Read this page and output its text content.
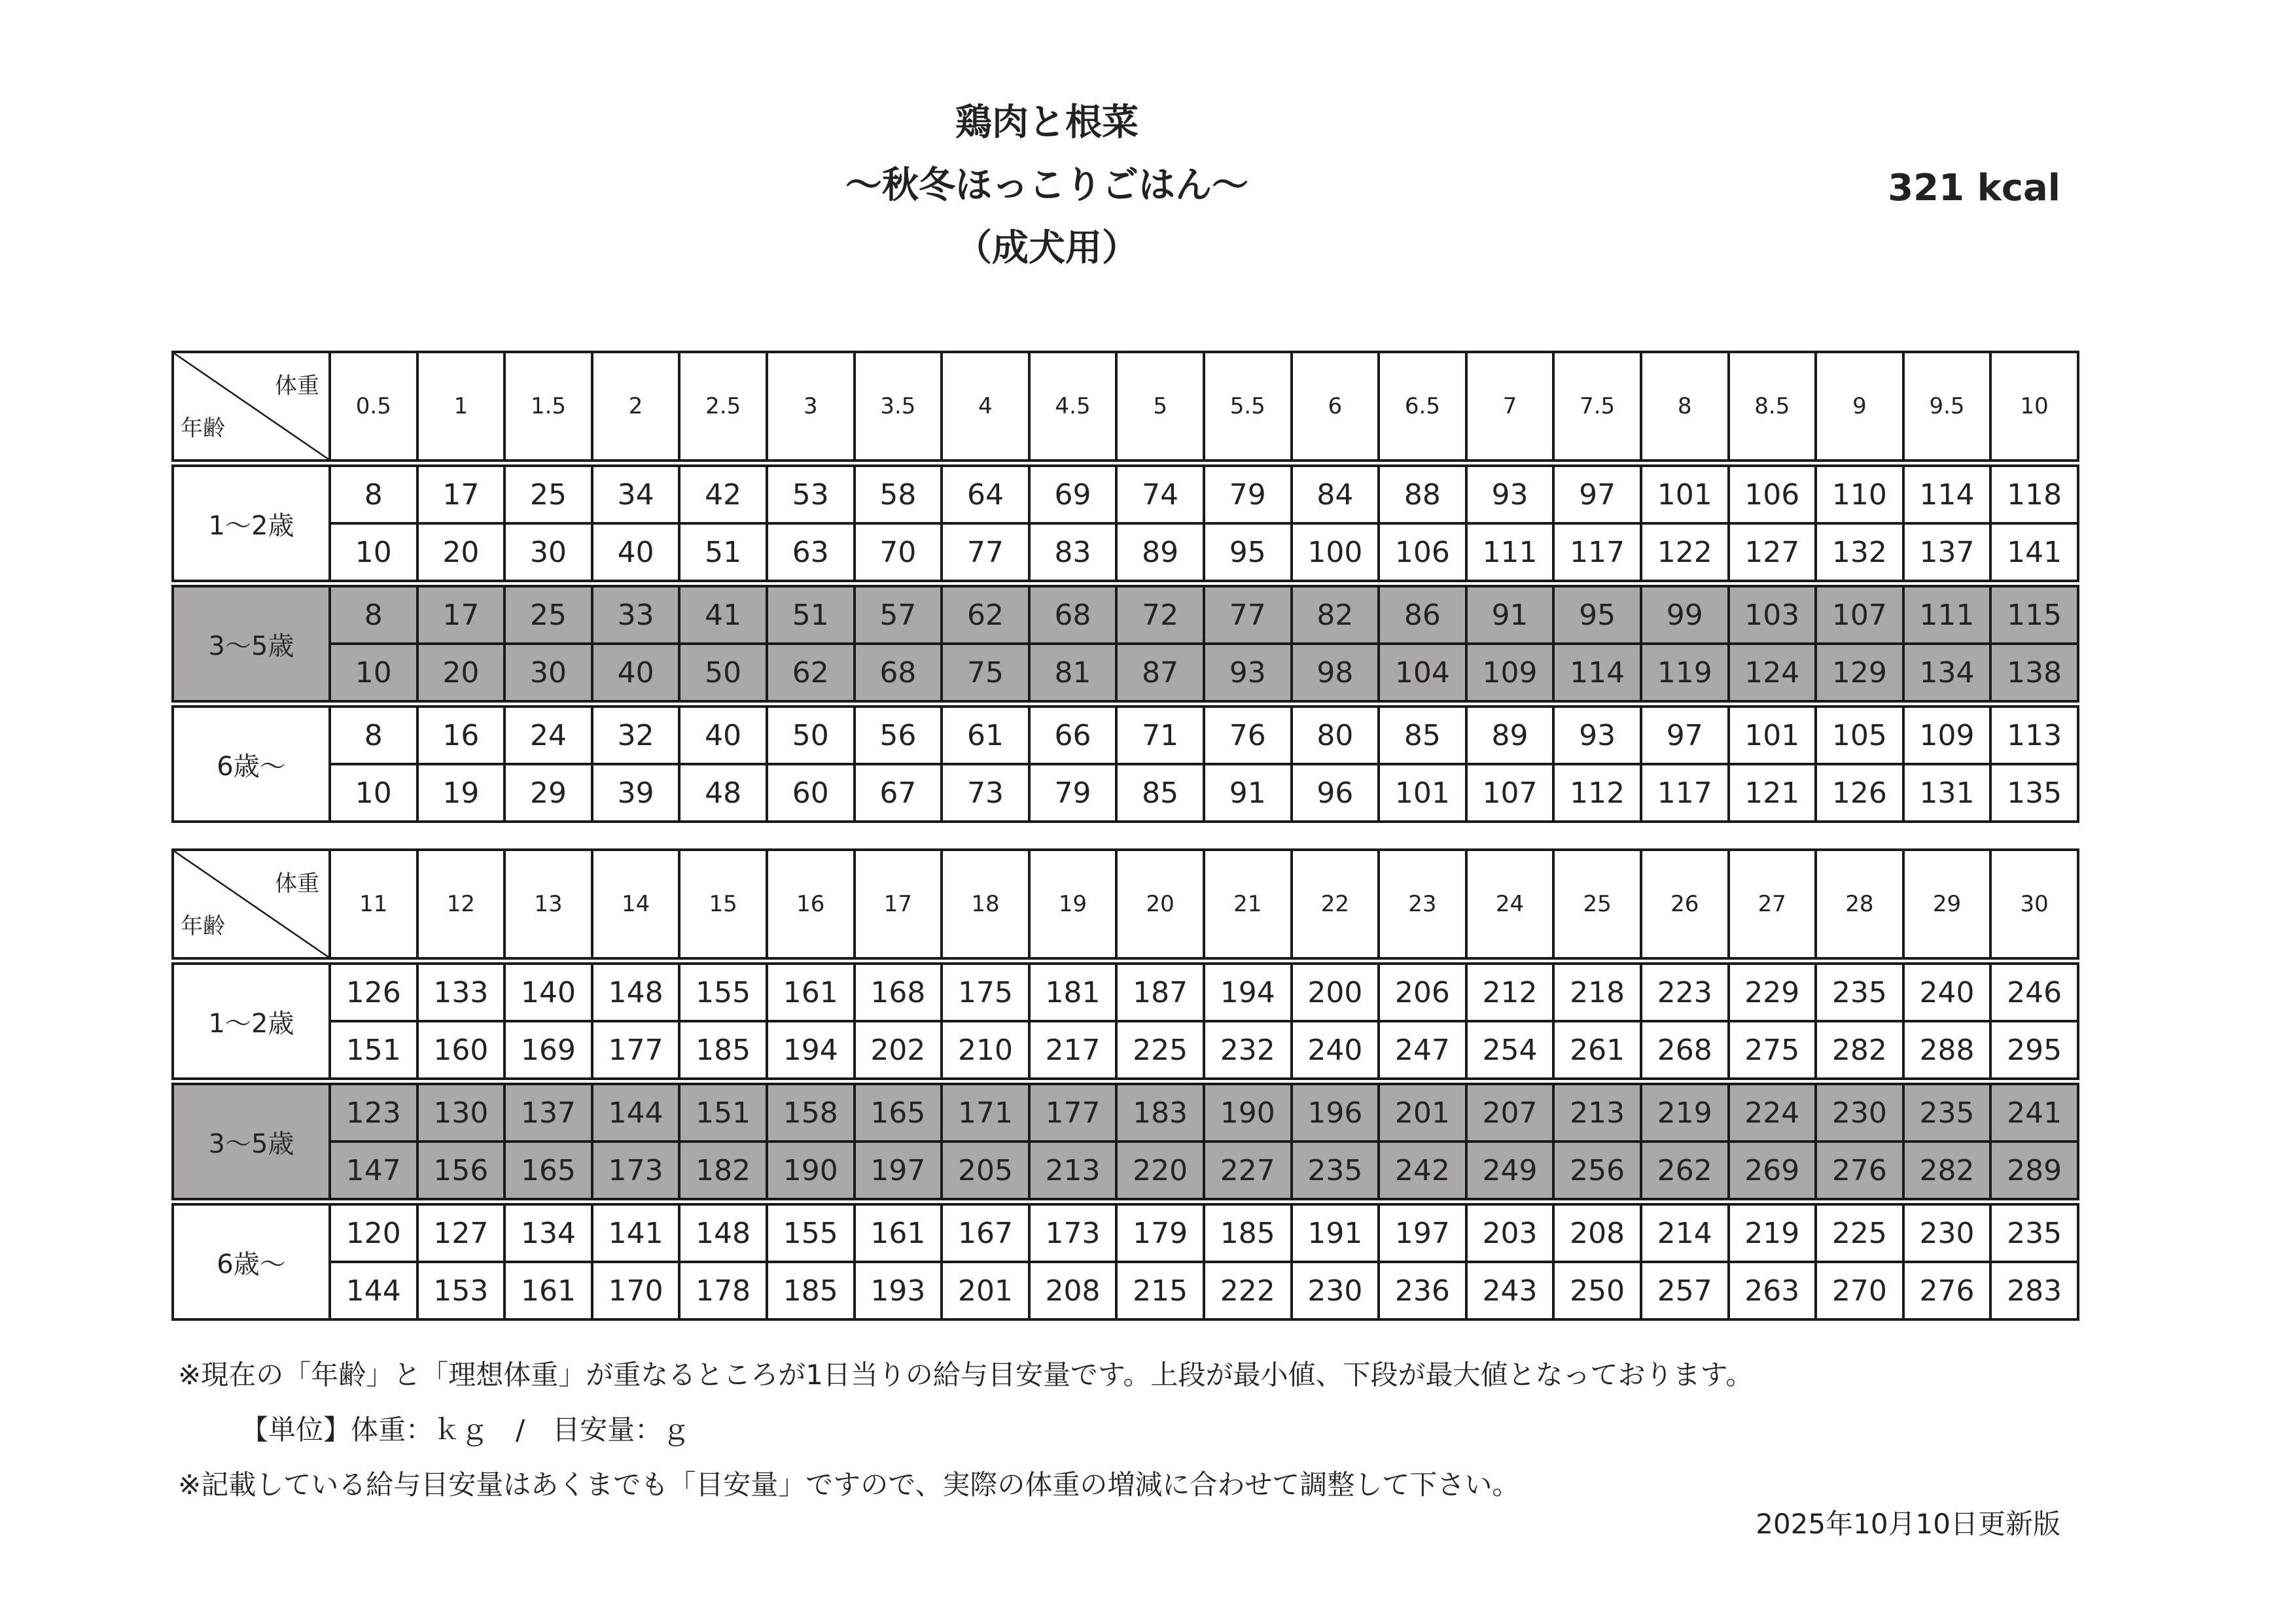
鶏肉と根菜
〜秋冬ほっこりごはん〜
（成犬用）
321 kcal
体重
年齢	0.5	1	1.5	2	2.5	3	3.5	4	4.5	5	5.5	6	6.5	7	7.5	8	8.5	9	9.5	10
1〜2歳	8	17	25	34	42	53	58	64	69	74	79	84	88	93	97	101	106	110	114	118
	10	20	30	40	51	63	70	77	83	89	95	100	106	111	117	122	127	132	137	141
3〜5歳	8	17	25	33	41	51	57	62	68	72	77	82	86	91	95	99	103	107	111	115
	10	20	30	40	50	62	68	75	81	87	93	98	104	109	114	119	124	129	134	138
6歳〜	8	16	24	32	40	50	56	61	66	71	76	80	85	89	93	97	101	105	109	113
	10	19	29	39	48	60	67	73	79	85	91	96	101	107	112	117	121	126	131	135
体重
年齢	11	12	13	14	15	16	17	18	19	20	21	22	23	24	25	26	27	28	29	30
1〜2歳	126	133	140	148	155	161	168	175	181	187	194	200	206	212	218	223	229	235	240	246
	151	160	169	177	185	194	202	210	217	225	232	240	247	254	261	268	275	282	288	295
3〜5歳	123	130	137	144	151	158	165	171	177	183	190	196	201	207	213	219	224	230	235	241
	147	156	165	173	182	190	197	205	213	220	227	235	242	249	256	262	269	276	282	289
6歳〜	120	127	134	141	148	155	161	167	173	179	185	191	197	203	208	214	219	225	230	235
	144	153	161	170	178	185	193	201	208	215	222	230	236	243	250	257	263	270	276	283

※現在の「年齢」と「理想体重」が重なるところが1日当りの給与目安量です。上段が最小値、下段が最大値となっております。

【単位】体重：ｋｇ　/　目安量：ｇ

※記載している給与目安量はあくまでも「目安量」ですので、実際の体重の増減に合わせて調整して下さい。

2025年10月10日更新版
